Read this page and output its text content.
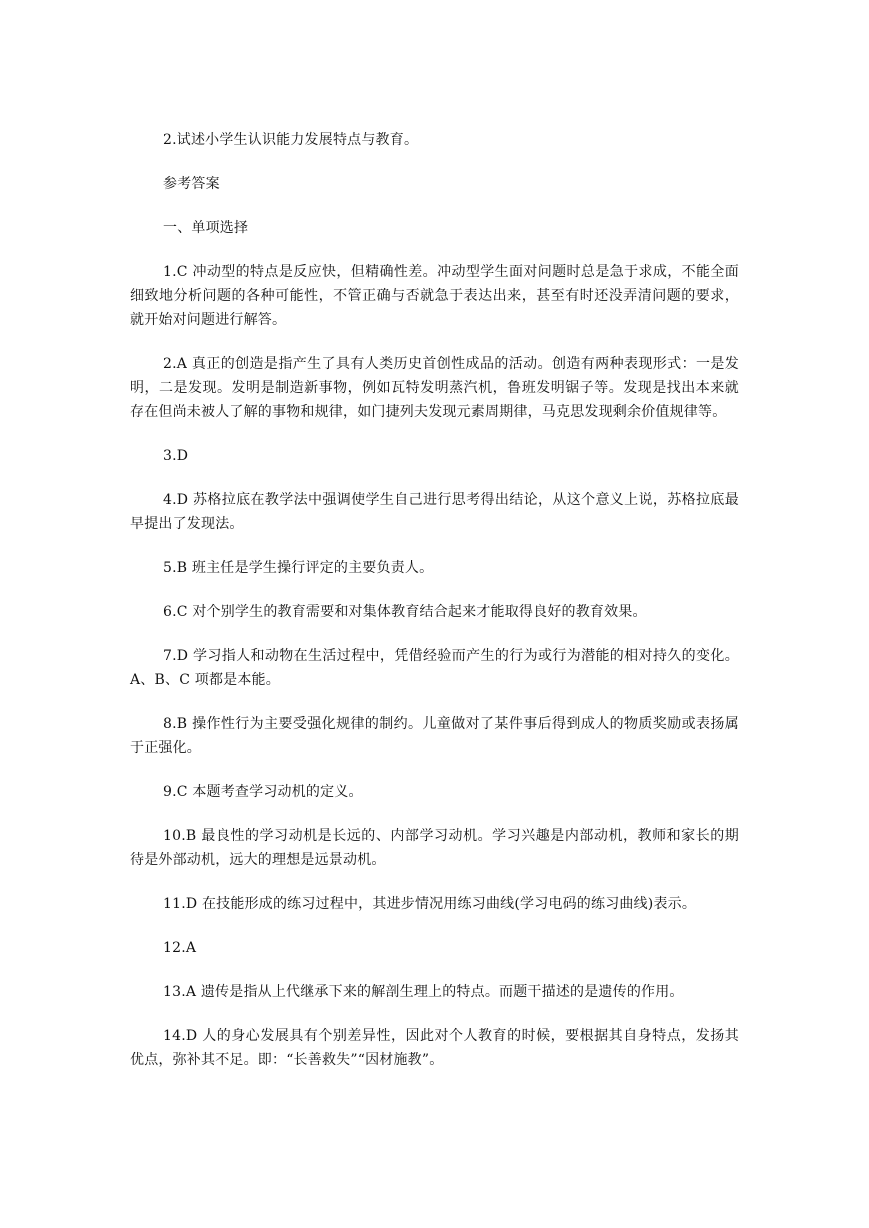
2.试述小学生认识能力发展特点与教育。

参考答案

一、单项选择

1.C 冲动型的特点是反应快，但精确性差。冲动型学生面对问题时总是急于求成，不能全面细致地分析问题的各种可能性，不管正确与否就急于表达出来，甚至有时还没弄清问题的要求，就开始对问题进行解答。

2.A 真正的创造是指产生了具有人类历史首创性成品的活动。创造有两种表现形式：一是发明，二是发现。发明是制造新事物，例如瓦特发明蒸汽机，鲁班发明锯子等。发现是找出本来就存在但尚未被人了解的事物和规律，如门捷列夫发现元素周期律，马克思发现剩余价值规律等。

3.D

4.D 苏格拉底在教学法中强调使学生自己进行思考得出结论，从这个意义上说，苏格拉底最早提出了发现法。

5.B 班主任是学生操行评定的主要负责人。

6.C 对个别学生的教育需要和对集体教育结合起来才能取得良好的教育效果。

7.D 学习指人和动物在生活过程中，凭借经验而产生的行为或行为潜能的相对持久的变化。A、B、C 项都是本能。

8.B 操作性行为主要受强化规律的制约。儿童做对了某件事后得到成人的物质奖励或表扬属于正强化。

9.C 本题考查学习动机的定义。

10.B 最良性的学习动机是长远的、内部学习动机。学习兴趣是内部动机，教师和家长的期待是外部动机，远大的理想是远景动机。

11.D 在技能形成的练习过程中，其进步情况用练习曲线(学习电码的练习曲线)表示。

12.A

13.A 遗传是指从上代继承下来的解剖生理上的特点。而题干描述的是遗传的作用。

14.D 人的身心发展具有个别差异性，因此对个人教育的时候，要根据其自身特点，发扬其优点，弥补其不足。即：“长善救失”“因材施教”。
